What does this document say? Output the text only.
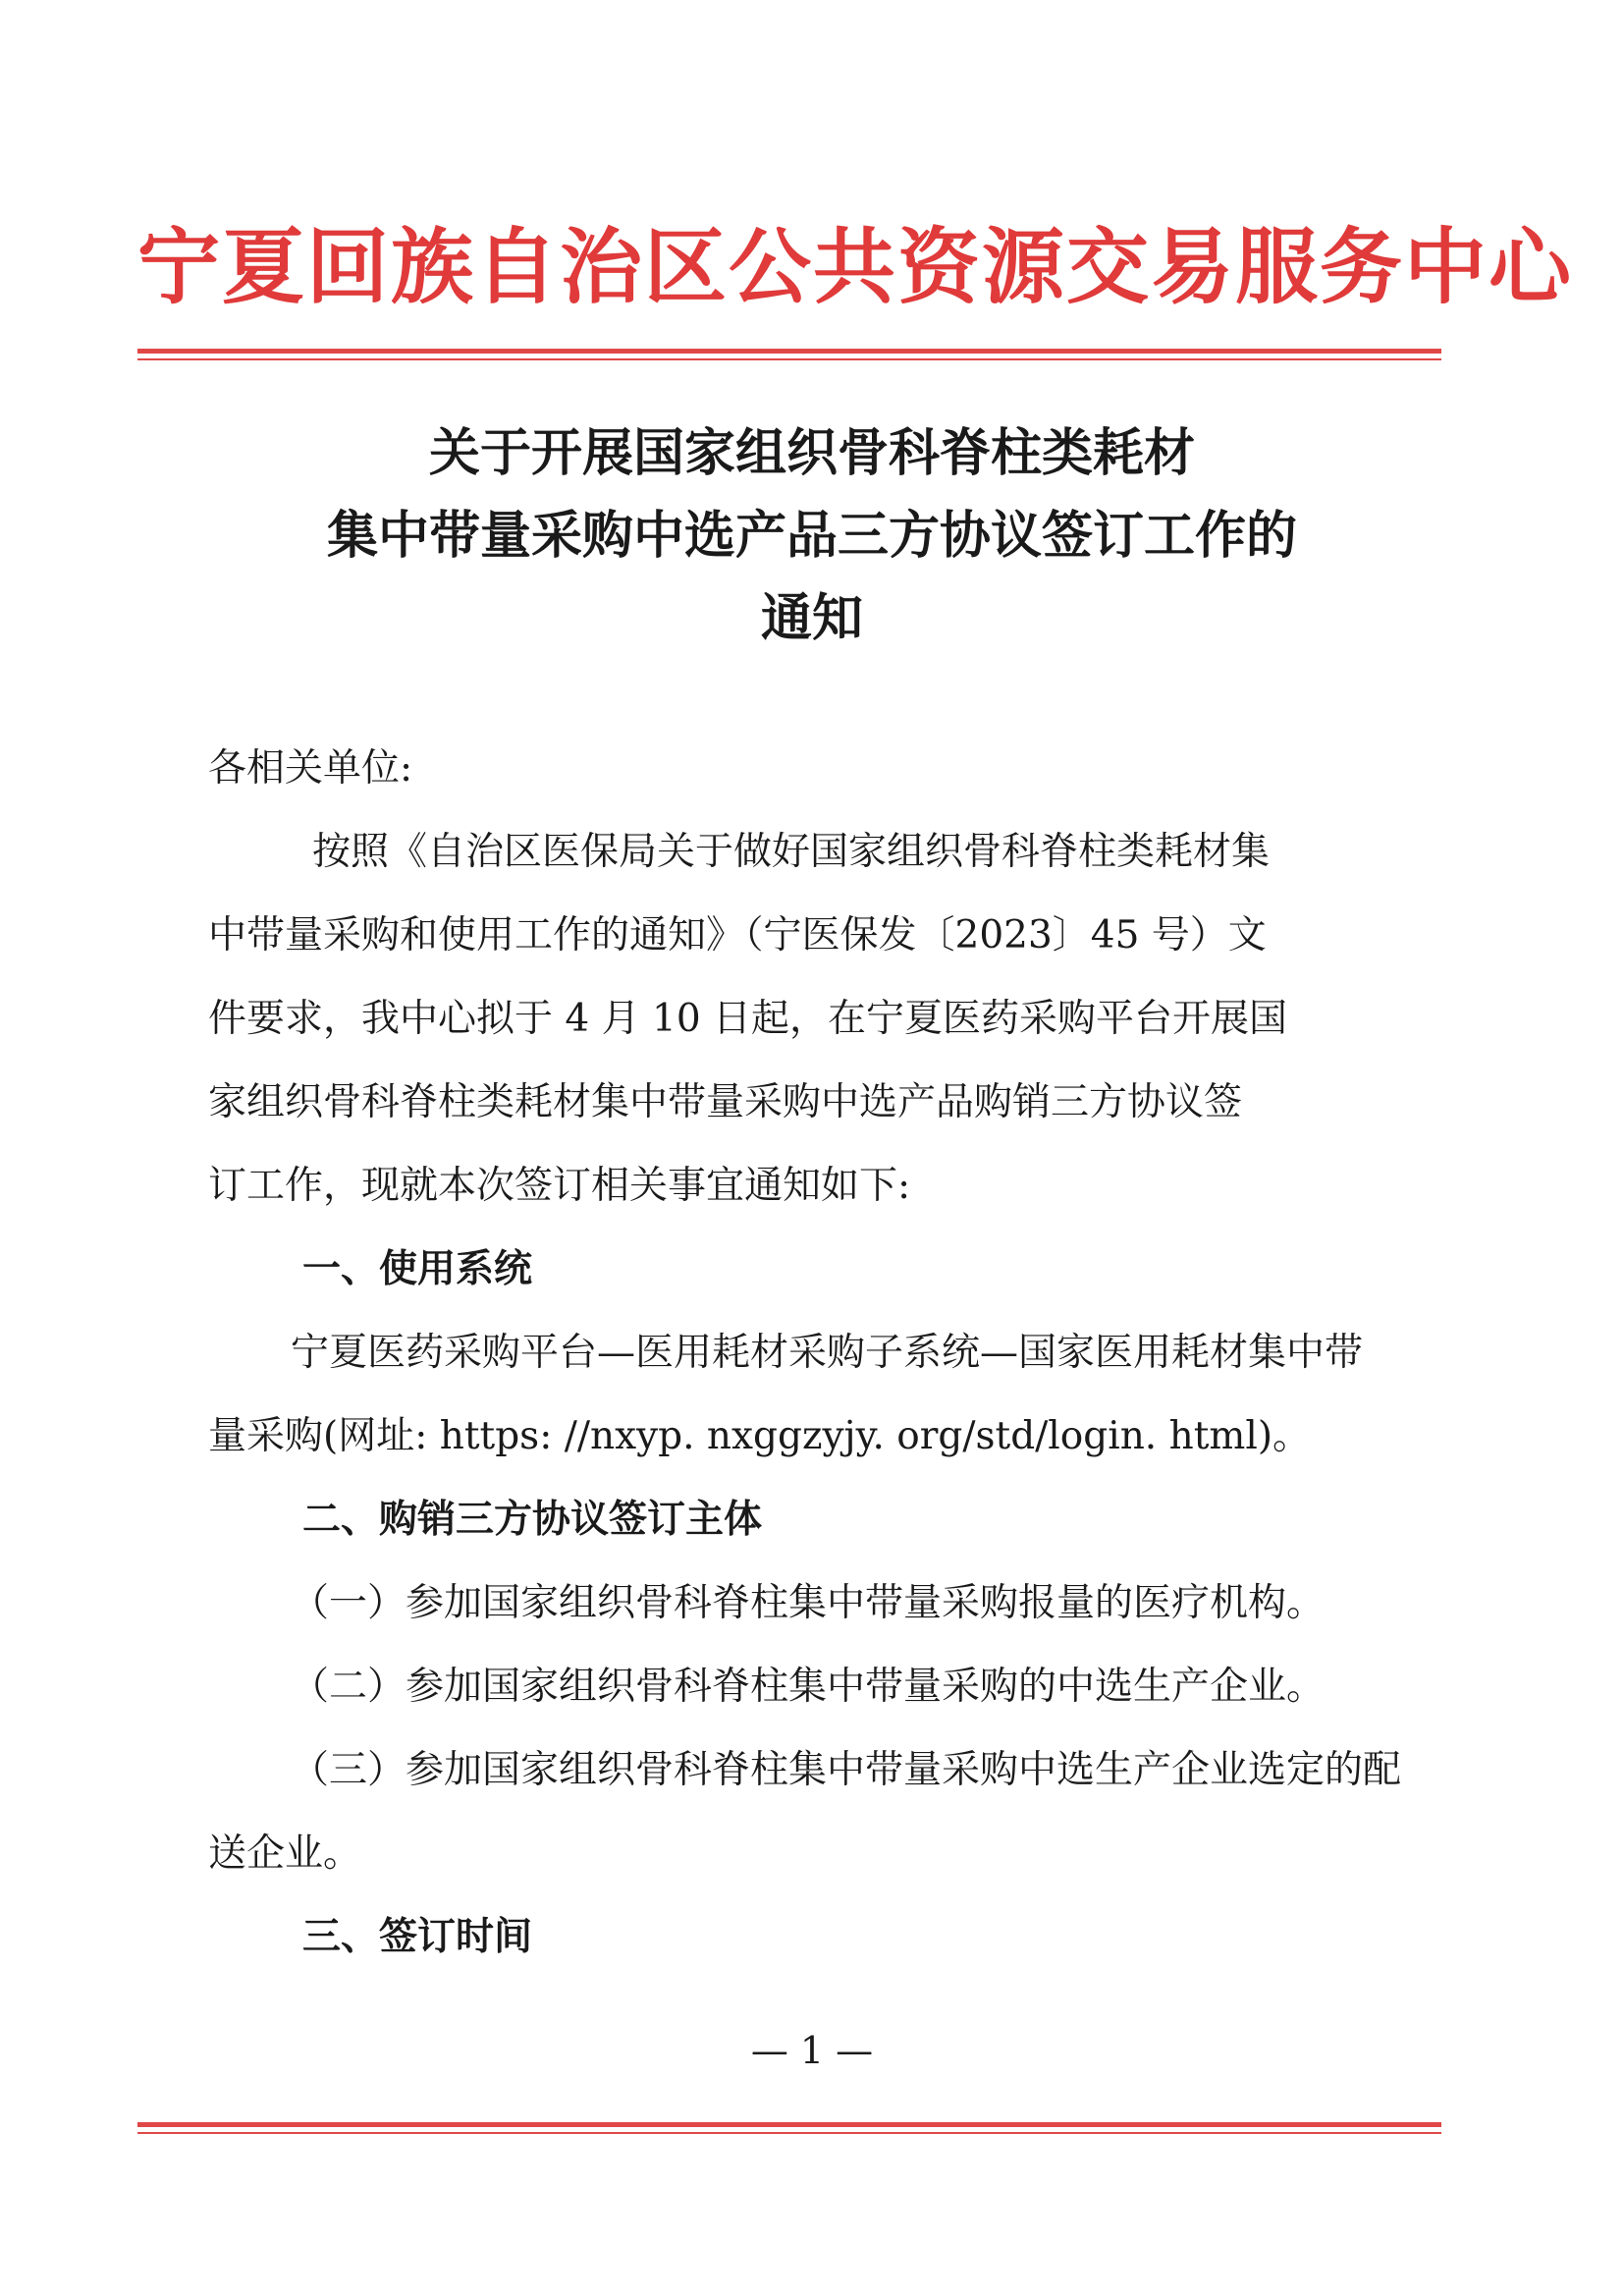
宁夏回族自治区公共资源交易服务中心
关于开展国家组织骨科脊柱类耗材
集中带量采购中选产品三方协议签订工作的
通知

各相关单位:

按照《自治区医保局关于做好国家组织骨科脊柱类耗材集

中带量采购和使用工作的通知》（宁医保发〔2023〕45 号）文

件要求，我中心拟于 4 月 10 日起，在宁夏医药采购平台开展国

家组织骨科脊柱类耗材集中带量采购中选产品购销三方协议签

订工作，现就本次签订相关事宜通知如下:

一、使用系统

宁夏医药采购平台—医用耗材采购子系统—国家医用耗材集中带

量采购(网址: https: //nxyp. nxggzyjy. org/std/login. html)。

二、购销三方协议签订主体

（一）参加国家组织骨科脊柱集中带量采购报量的医疗机构。

（二）参加国家组织骨科脊柱集中带量采购的中选生产企业。

（三）参加国家组织骨科脊柱集中带量采购中选生产企业选定的配

送企业。

三、签订时间

— 1 —
